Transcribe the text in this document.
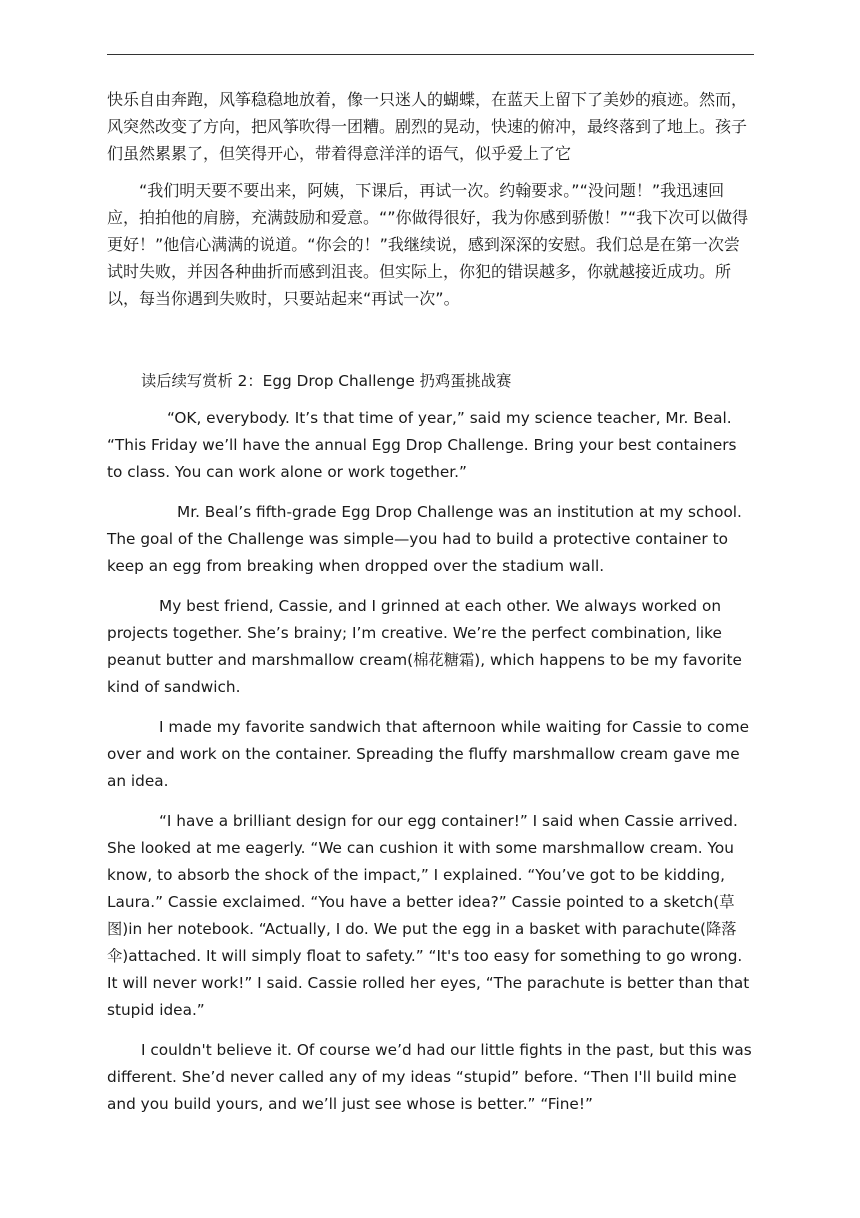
快乐自由奔跑，风筝稳稳地放着，像一只迷人的蝴蝶，在蓝天上留下了美妙的痕迹。然而，风突然改变了方向，把风筝吹得一团糟。剧烈的晃动，快速的俯冲，最终落到了地上。孩子们虽然累累了，但笑得开心，带着得意洋洋的语气，似乎爱上了它

“我们明天要不要出来，阿姨，下课后，再试一次。约翰要求。”“没问题！”我迅速回应，拍拍他的肩膀，充满鼓励和爱意。“”你做得很好，我为你感到骄傲！”“我下次可以做得更好！”他信心满满的说道。“你会的！”我继续说，感到深深的安慰。我们总是在第一次尝试时失败，并因各种曲折而感到沮丧。但实际上，你犯的错误越多，你就越接近成功。所以，每当你遇到失败时，只要站起来“再试一次”。

读后续写赏析 2：Egg Drop Challenge 扔鸡蛋挑战赛

“OK, everybody. It’s that time of year,” said my science teacher, Mr. Beal. “This Friday we’ll have the annual Egg Drop Challenge. Bring your best containers to class. You can work alone or work together.”

Mr. Beal’s fifth-grade Egg Drop Challenge was an institution at my school. The goal of the Challenge was simple—you had to build a protective container to keep an egg from breaking when dropped over the stadium wall.

My best friend, Cassie, and I grinned at each other. We always worked on projects together. She’s brainy; I’m creative. We’re the perfect combination, like peanut butter and marshmallow cream(棉花糖霜), which happens to be my favorite kind of sandwich.

I made my favorite sandwich that afternoon while waiting for Cassie to come over and work on the container. Spreading the fluffy marshmallow cream gave me an idea.

“I have a brilliant design for our egg container!” I said when Cassie arrived. She looked at me eagerly. “We can cushion it with some marshmallow cream. You know, to absorb the shock of the impact,” I explained. “You’ve got to be kidding, Laura.” Cassie exclaimed. “You have a better idea?” Cassie pointed to a sketch(草图)in her notebook. “Actually, I do. We put the egg in a basket with parachute(降落伞)attached. It will simply float to safety.” “It's too easy for something to go wrong. It will never work!” I said. Cassie rolled her eyes, “The parachute is better than that stupid idea.”

I couldn't believe it. Of course we’d had our little fights in the past, but this was different. She’d never called any of my ideas “stupid” before. “Then I'll build mine and you build yours, and we’ll just see whose is better.” “Fine!”
